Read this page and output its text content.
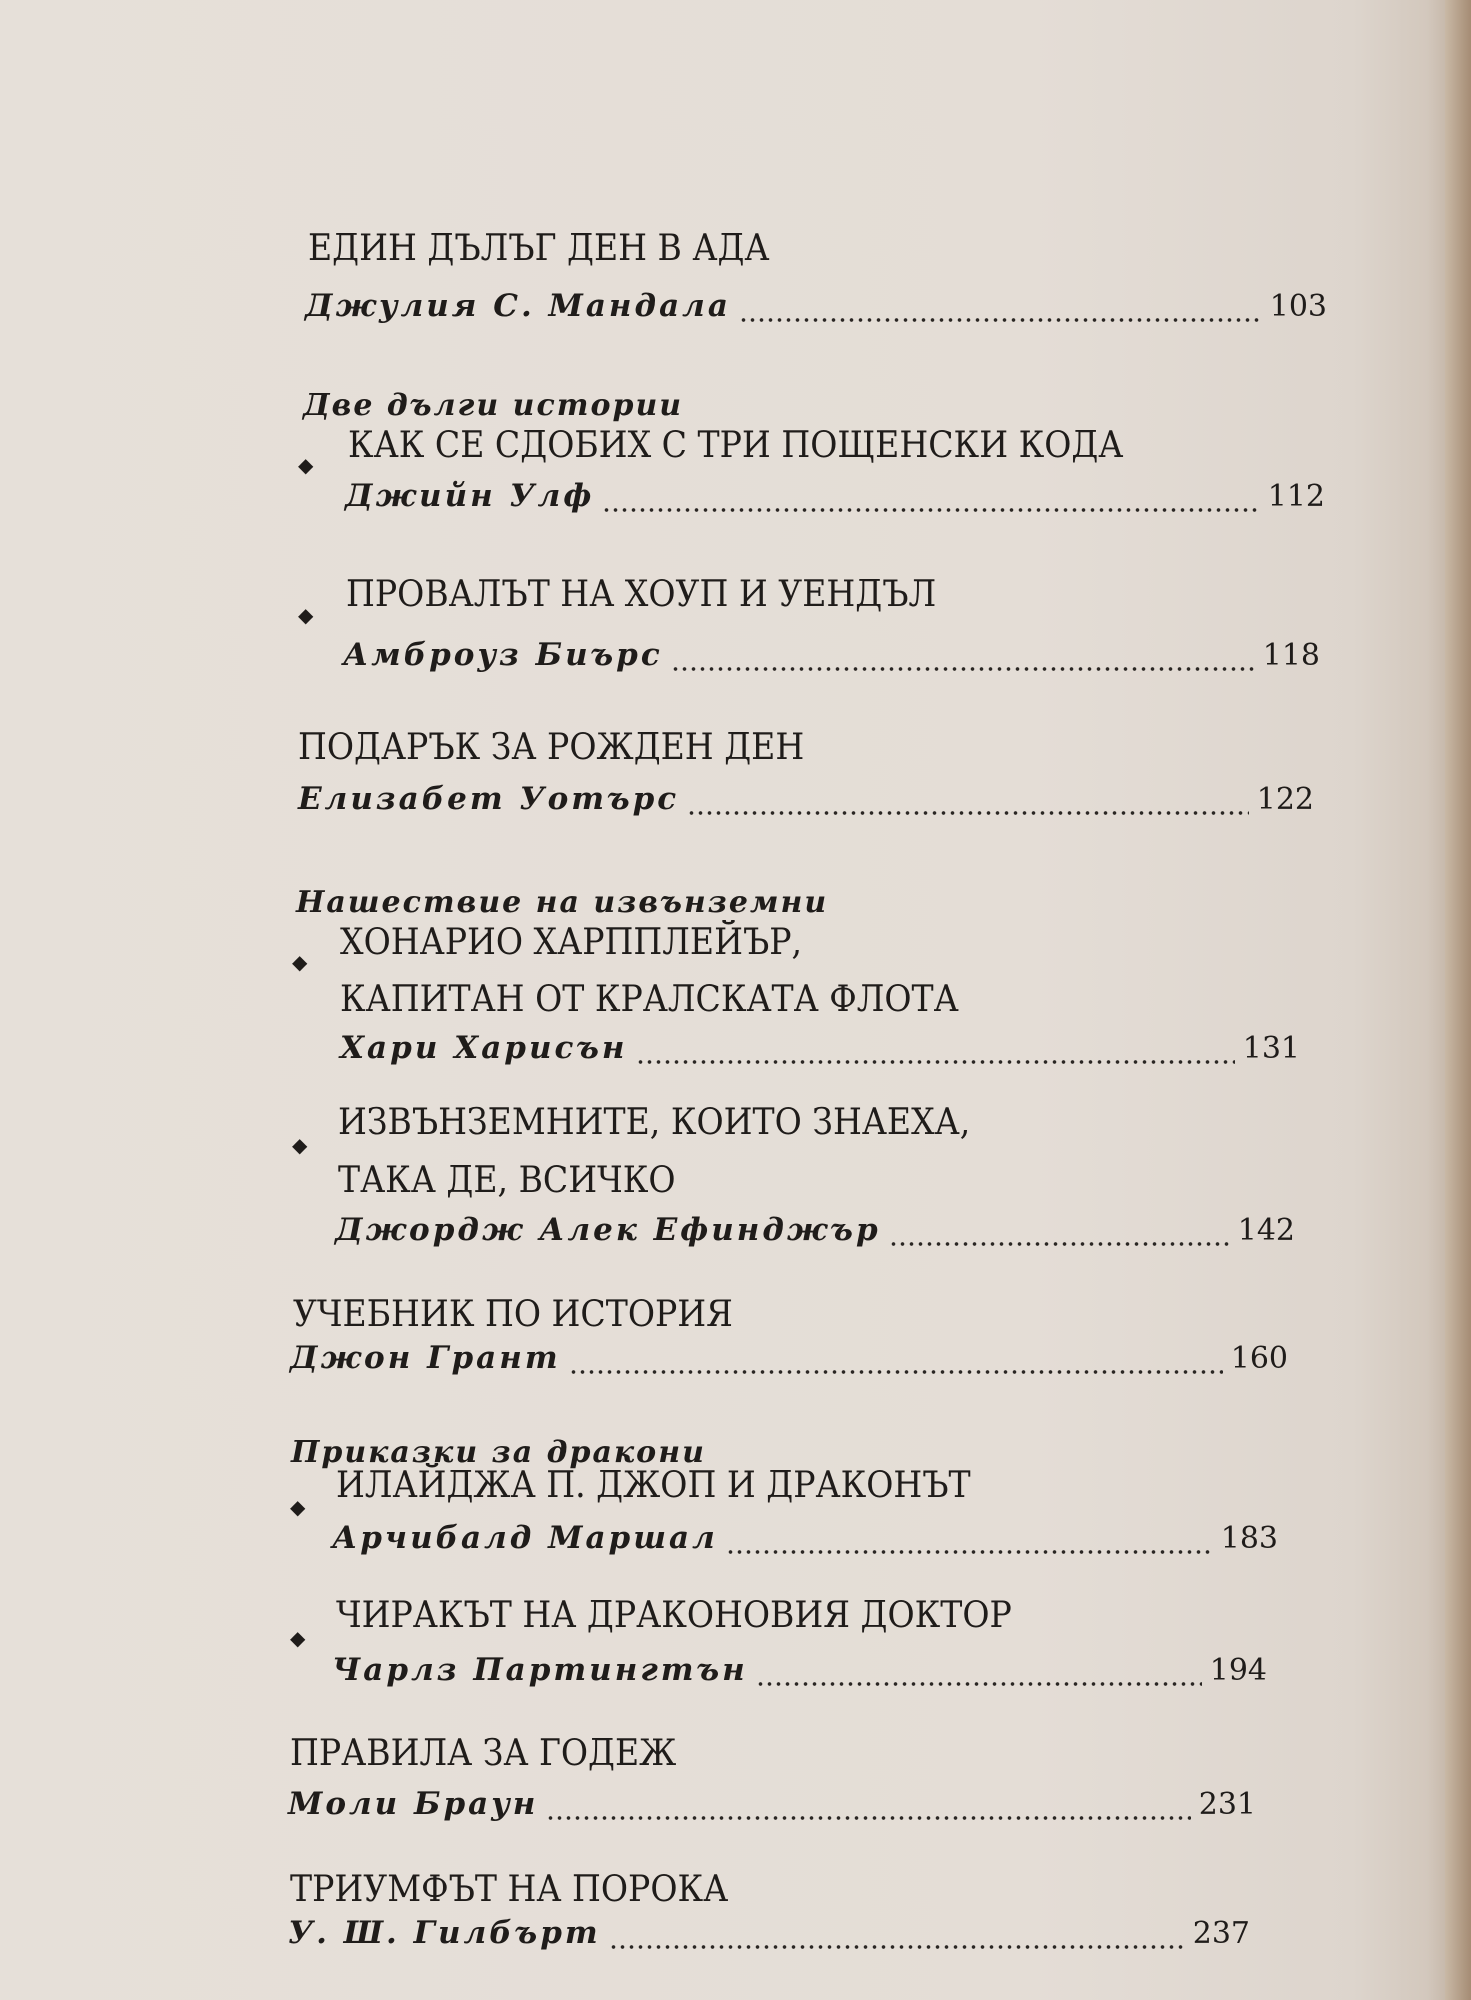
ЕДИН ДЪЛЪГ ДЕН В АДА
Джулия С. Мандала	103
Две дълги истории
◆ КАК СЕ СДОБИХ С ТРИ ПОЩЕНСКИ КОДА
Джийн Улф	112
◆ ПРОВАЛЪТ НА ХОУП И УЕНДЪЛ
Амброуз Биърс	118
ПОДАРЪК ЗА РОЖДЕН ДЕН
Елизабет Уотърс	122
Нашествие на извънземни
◆ ХОНАРИО ХАРППЛЕЙЪР,
КАПИТАН ОТ КРАЛСКАТА ФЛОТА
Хари Харисън	131
◆
ИЗВЪНЗЕМНИТЕ, КОИТО ЗНАЕХА,
ТАКА ДЕ, ВСИЧКО
Джордж Алек Ефинджър	142
УЧЕБНИК ПО ИСТОРИЯ
Джон Грант	160
Приказки за дракони
◆
ИЛАЙДЖА П. ДЖОП И ДРАКОНЪТ
Арчибалд Маршал	183
◆
ЧИРАКЪТ НА ДРАКОНОВИЯ ДОКТОР
Чарлз Партингтън	194
ПРАВИЛА ЗА ГОДЕЖ
Моли Браун	231
ТРИУМФЪТ НА ПОРОКА
У. Ш. Гилбърт	237
